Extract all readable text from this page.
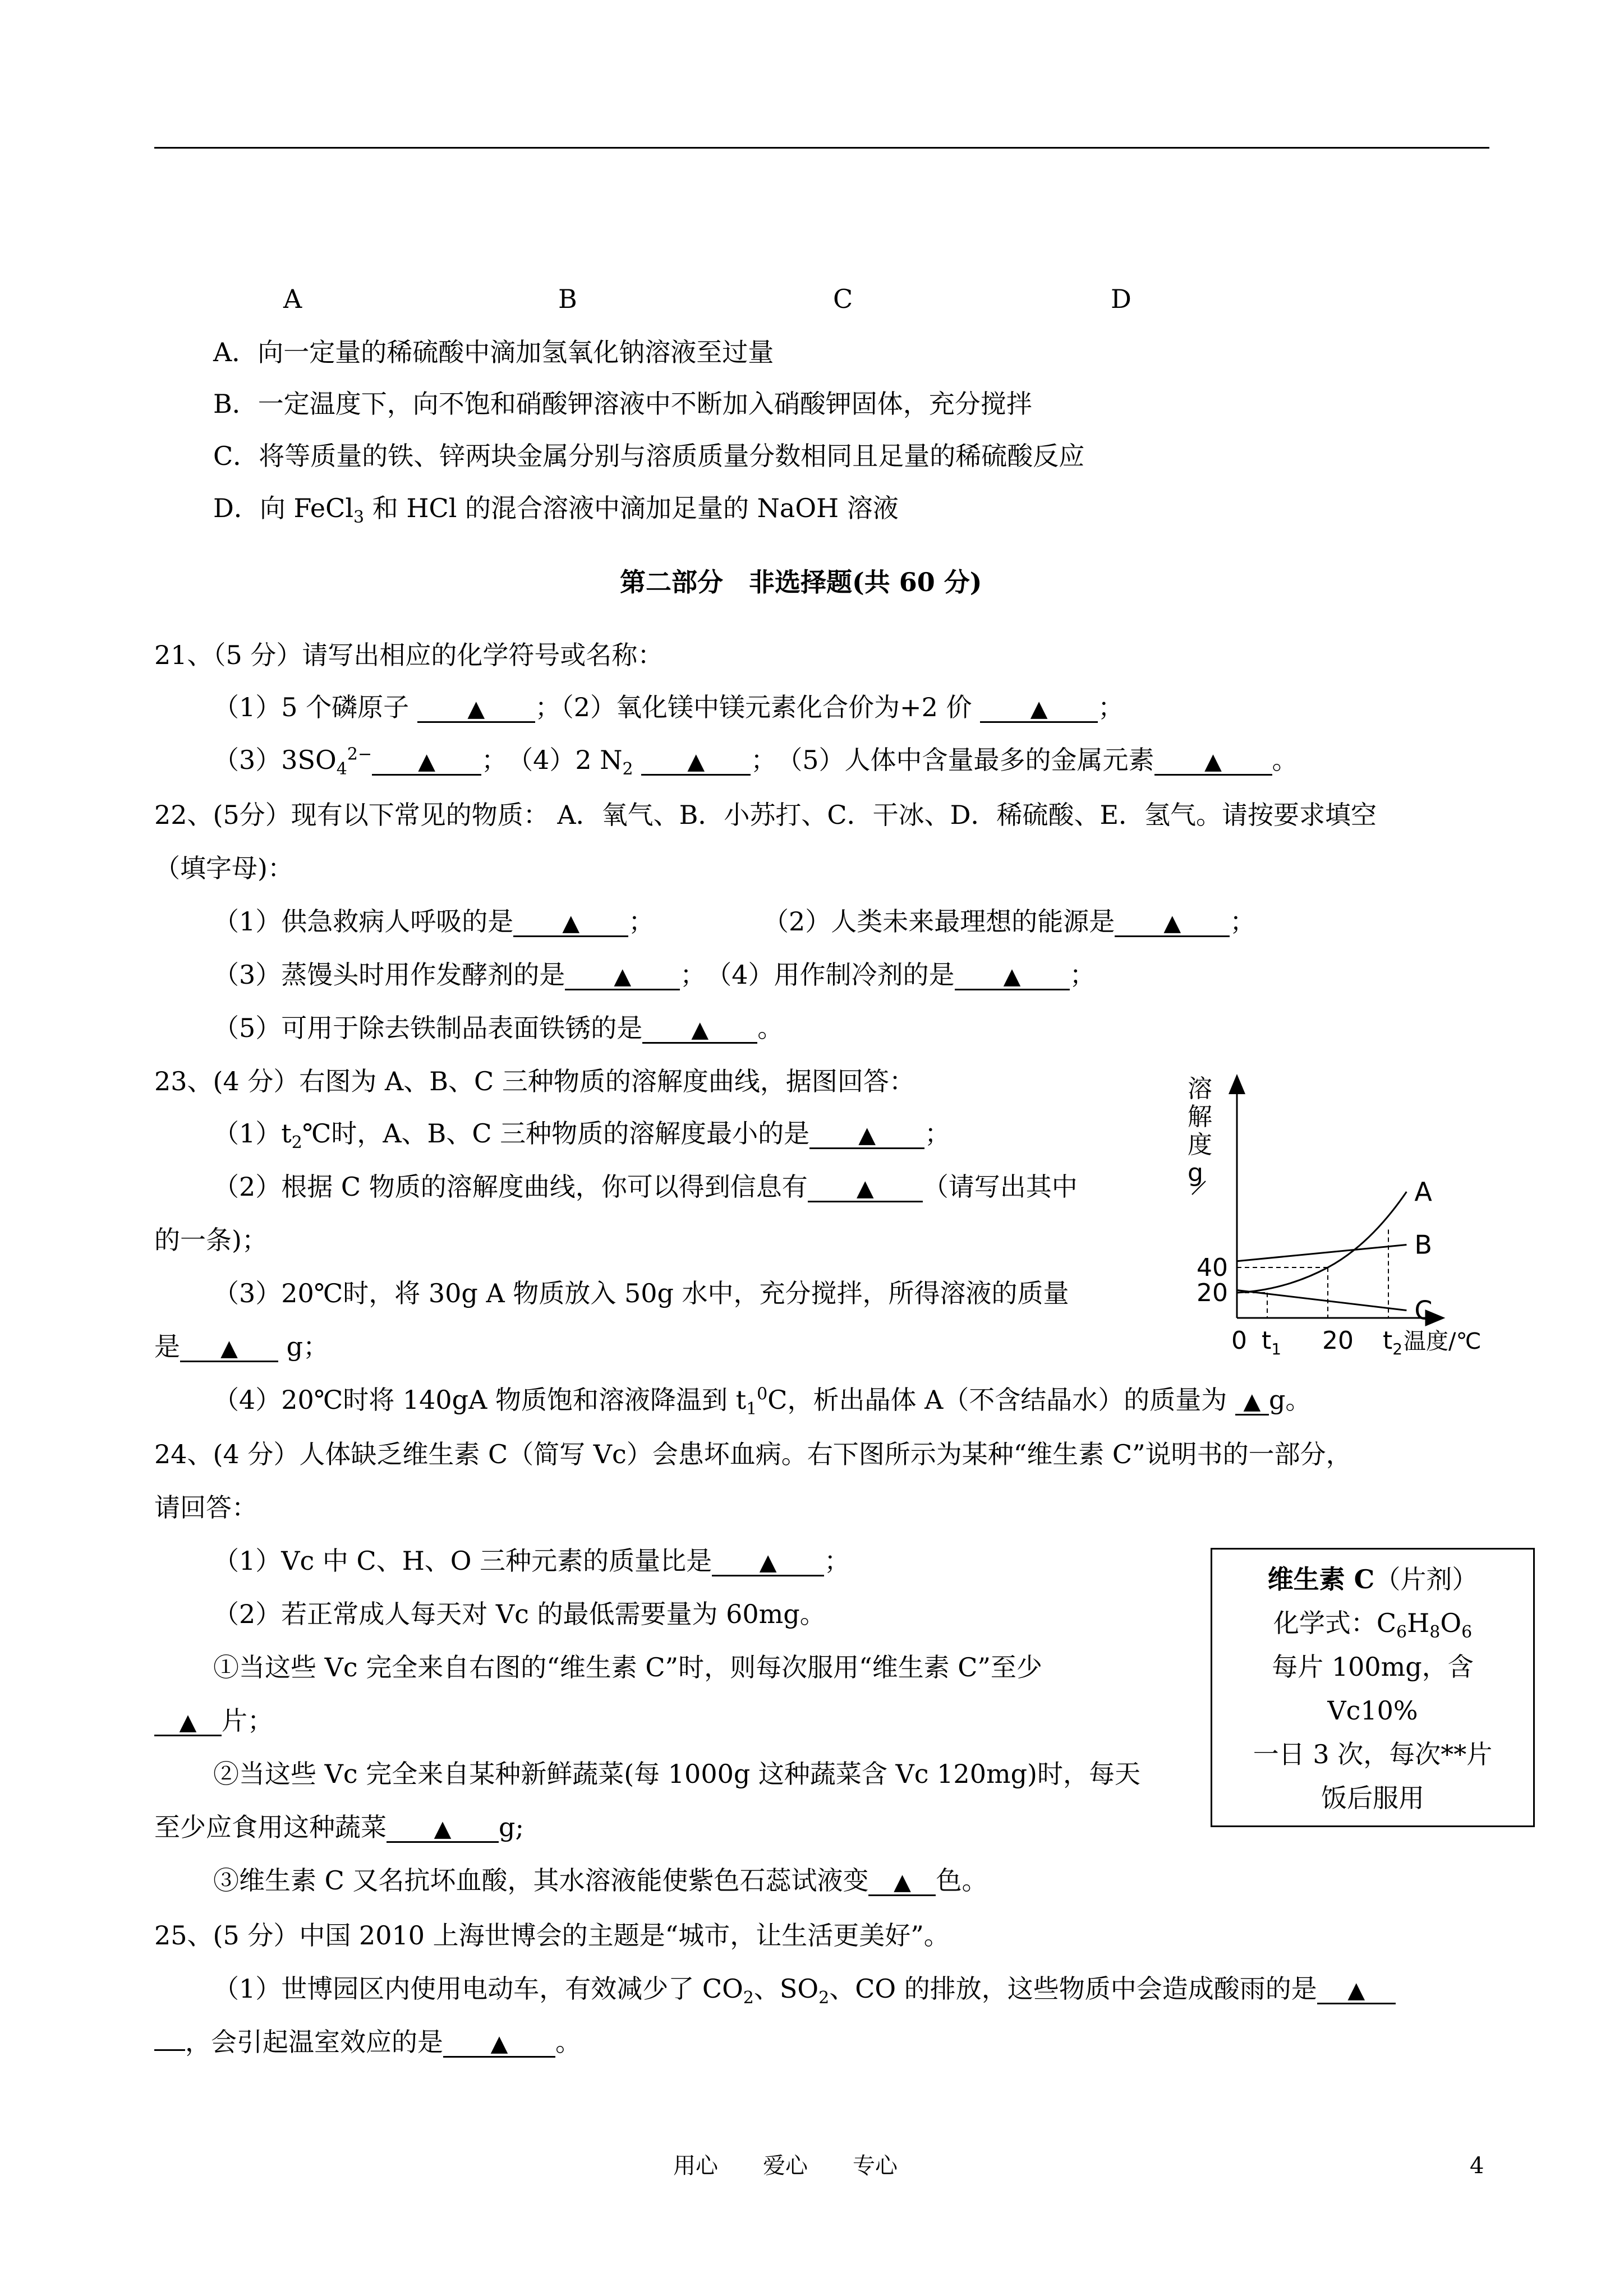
A	B	C	D
A．向一定量的稀硫酸中滴加氢氧化钠溶液至过量
B．一定温度下，向不饱和硝酸钾溶液中不断加入硝酸钾固体，充分搅拌
C．将等质量的铁、锌两块金属分别与溶质质量分数相同且足量的稀硫酸反应
D．向 FeCl$_3$ 和 HCl 的混合溶液中滴加足量的 NaOH 溶液
第二部分　非选择题(共 60 分)
21、（5 分）请写出相应的化学符号或名称：
（1）5 个磷原子 ▲ ；（2）氧化镁中镁元素化合价为+2 价 ▲ ；
$(3)3SO_4^{2-}$ ▲ ；　（4）2 $N_2$ ▲ ；　（5）人体中含量最多的金属元素 ▲ 。
22、(5分）现有以下常见的物质： A．氧气、B．小苏打、C．干冰、D．稀硫酸、E．氢气。请按要求填空
（填字母)：
（1）供急救病人呼吸的是 ▲ ；	（2）人类未来最理想的能源是 ▲ ；
（3）蒸馒头时用作发酵剂的是 ▲ ；　（4）用作制冷剂的是 ▲ ；
（5）可用于除去铁制品表面铁锈的是 ▲ 。
23、(4 分）右图为 A、B、C 三种物质的溶解度曲线，据图回答：
$(1)t_2℃$时，A、B、C 三种物质的溶解度最小的是 ▲ ；
（2）根据 C 物质的溶解度曲线，你可以得到信息有 ▲ （请写出其中
的一条)；
（3）20℃时，将 30g A 物质放入 50g 水中，充分搅拌，所得溶液的质量
是 ▲ g；
（4）20℃时将 140gA 物质饱和溶液降温到 $t_1^0C$，析出晶体 A（不含结晶水）的质量为 ▲ g。
溶
解
度
g
0 $t_1$ 20 $t_2$ 温度/℃
20
40
A
B
C
24、(4 分）人体缺乏维生素 C（简写 Vc）会患坏血病。右下图所示为某种“维生素 C”说明书的一部分，
请回答：
（1）Vc 中 C、H、O 三种元素的质量比是 ▲ ；
（2）若正常成人每天对 Vc 的最低需要量为 60mg。
①当这些 Vc 完全来自右图的“维生素 C”时，则每次服用“维生素 C”至少
▲ 片；
②当这些 Vc 完全来自某种新鲜蔬菜(每 1000g 这种蔬菜含 Vc 120mg)时，每天
至少应食用这种蔬菜 ▲ g;
③维生素 C 又名抗坏血酸，其水溶液能使紫色石蕊试液变 ▲ 色。
维生素 C（片剂）
化学式：$C_6H_8O_6$
每片 100mg，含
Vc10%
一日 3 次，每次**片
饭后服用
25、(5 分）中国 2010 上海世博会的主题是“城市，让生活更美好”。
（1）世博园区内使用电动车，有效减少了 $CO_2$、$SO_2$、CO 的排放，这些物质中会造成酸雨的是 ▲
，会引起温室效应的是 ▲ 。
用心　　爱心　　专心	4
